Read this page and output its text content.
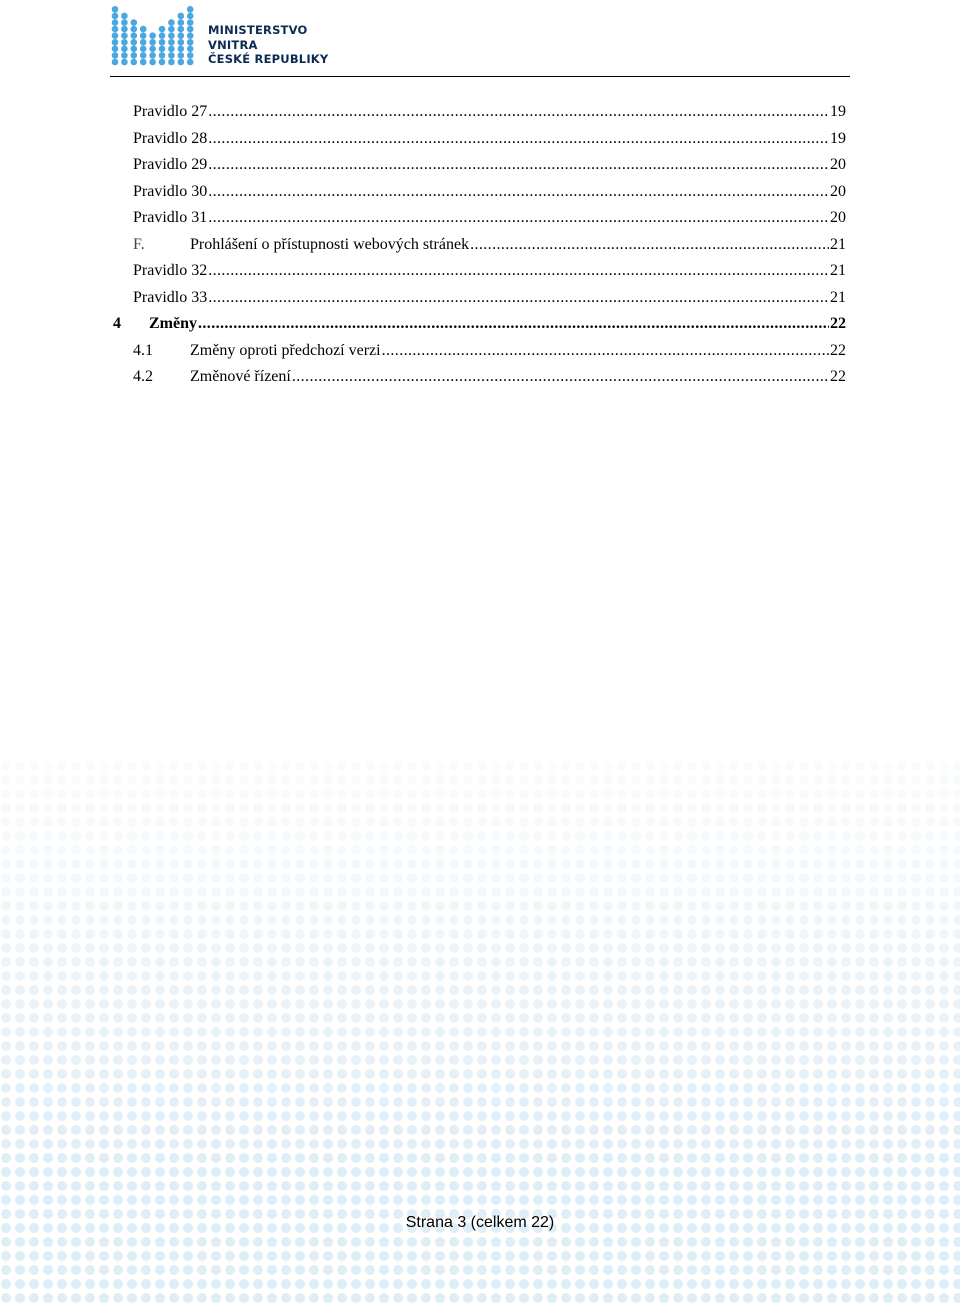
MINISTERSTVO VNITRA
ČESKÉ REPUBLIKY
Pravidlo 27 .....	19
Pravidlo 28 .....	19
Pravidlo 29 .....	20
Pravidlo 30 .....	20
Pravidlo 31 .....	20
F.	Prohlášení o přístupnosti webových stránek .....	21
Pravidlo 32 .....	21
Pravidlo 33 .....	21
4	Změny .....	22
4.1	Změny oproti předchozí verzi .....	22
4.2	Změnové řízení .....	22
Strana 3 (celkem 22)
